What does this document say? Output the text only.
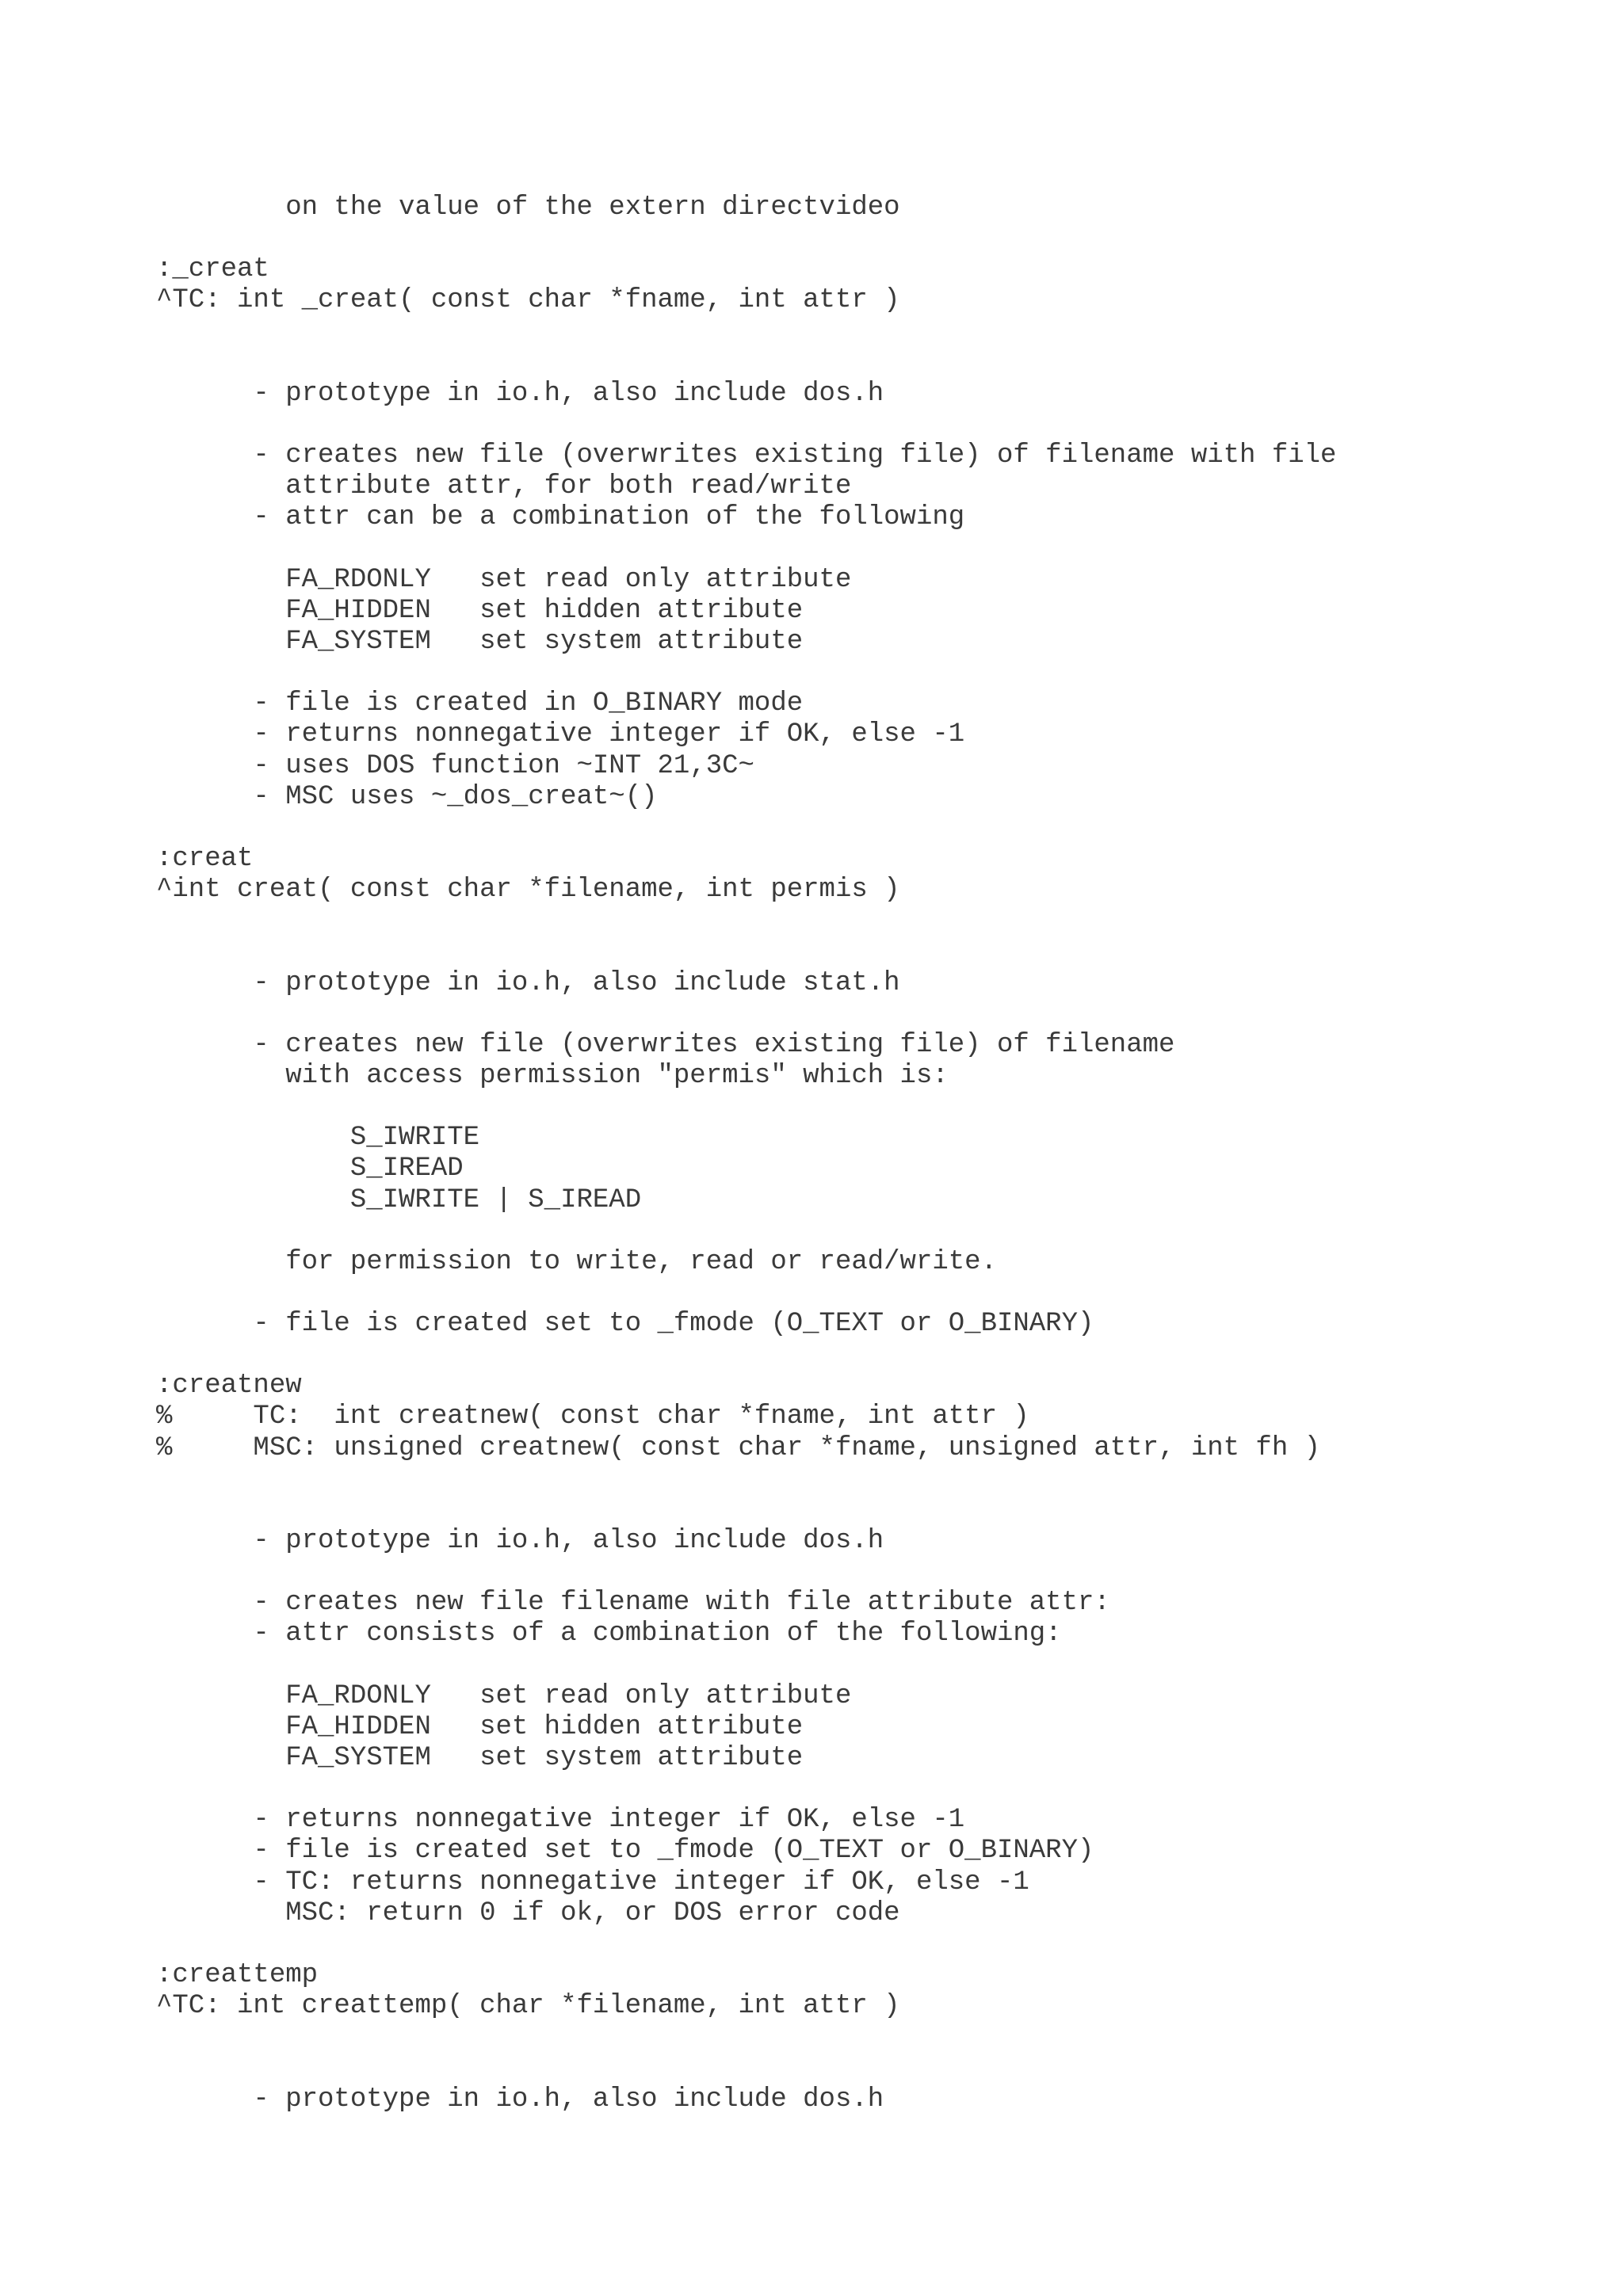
on the value of the extern directvideo
:_creat
^TC: int _creat( const char *fname, int attr )
- prototype in io.h, also include dos.h
- creates new file (overwrites existing file) of filename with file
attribute attr, for both read/write
- attr can be a combination of the following
FA_RDONLY   set read only attribute
FA_HIDDEN   set hidden attribute
FA_SYSTEM   set system attribute
- file is created in O_BINARY mode
- returns nonnegative integer if OK, else -1
- uses DOS function ~INT 21,3C~
- MSC uses ~_dos_creat~()
:creat
^int creat( const char *filename, int permis )
- prototype in io.h, also include stat.h
- creates new file (overwrites existing file) of filename
with access permission "permis" which is:
S_IWRITE
S_IREAD
S_IWRITE | S_IREAD
for permission to write, read or read/write.
- file is created set to _fmode (O_TEXT or O_BINARY)
:creatnew
%     TC:  int creatnew( const char *fname, int attr )
%     MSC: unsigned creatnew( const char *fname, unsigned attr, int fh )
- prototype in io.h, also include dos.h
- creates new file filename with file attribute attr:
- attr consists of a combination of the following:
FA_RDONLY   set read only attribute
FA_HIDDEN   set hidden attribute
FA_SYSTEM   set system attribute
- returns nonnegative integer if OK, else -1
- file is created set to _fmode (O_TEXT or O_BINARY)
- TC: returns nonnegative integer if OK, else -1
MSC: return 0 if ok, or DOS error code
:creattemp
^TC: int creattemp( char *filename, int attr )
- prototype in io.h, also include dos.h
